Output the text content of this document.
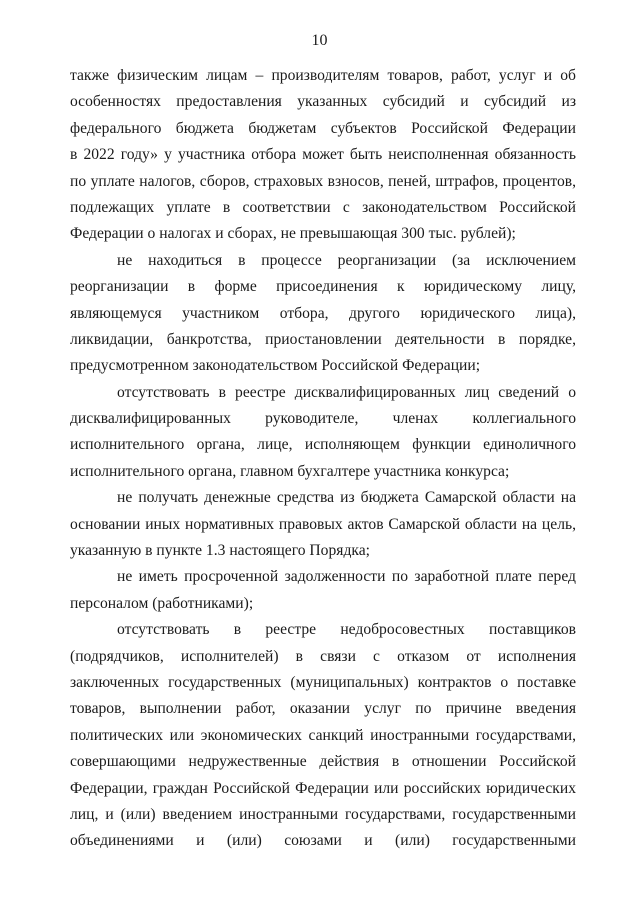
10
также физическим лицам – производителям товаров, работ, услуг и об
особенностях предоставления указанных субсидий и субсидий из
федерального бюджета бюджетам субъектов Российской Федерации
в 2022 году» у участника отбора может быть неисполненная обязанность
по уплате налогов, сборов, страховых взносов, пеней, штрафов, процентов,
подлежащих уплате в соответствии с законодательством Российской
Федерации о налогах и сборах, не превышающая 300 тыс. рублей);
не находиться в процессе реорганизации (за исключением
реорганизации в форме присоединения к юридическому лицу,
являющемуся участником отбора, другого юридического лица),
ликвидации, банкротства, приостановлении деятельности в порядке,
предусмотренном законодательством Российской Федерации;
отсутствовать в реестре дисквалифицированных лиц сведений о
дисквалифицированных руководителе, членах коллегиального
исполнительного органа, лице, исполняющем функции единоличного
исполнительного органа, главном бухгалтере участника конкурса;
не получать денежные средства из бюджета Самарской области на
основании иных нормативных правовых актов Самарской области на цель,
указанную в пункте 1.3 настоящего Порядка;
не иметь просроченной задолженности по заработной плате перед
персоналом (работниками);
отсутствовать в реестре недобросовестных поставщиков
(подрядчиков, исполнителей) в связи с отказом от исполнения
заключенных государственных (муниципальных) контрактов о поставке
товаров, выполнении работ, оказании услуг по причине введения
политических или экономических санкций иностранными государствами,
совершающими недружественные действия в отношении Российской
Федерации, граждан Российской Федерации или российских юридических
лиц, и (или) введением иностранными государствами, государственными
объединениями и (или) союзами и (или) государственными
